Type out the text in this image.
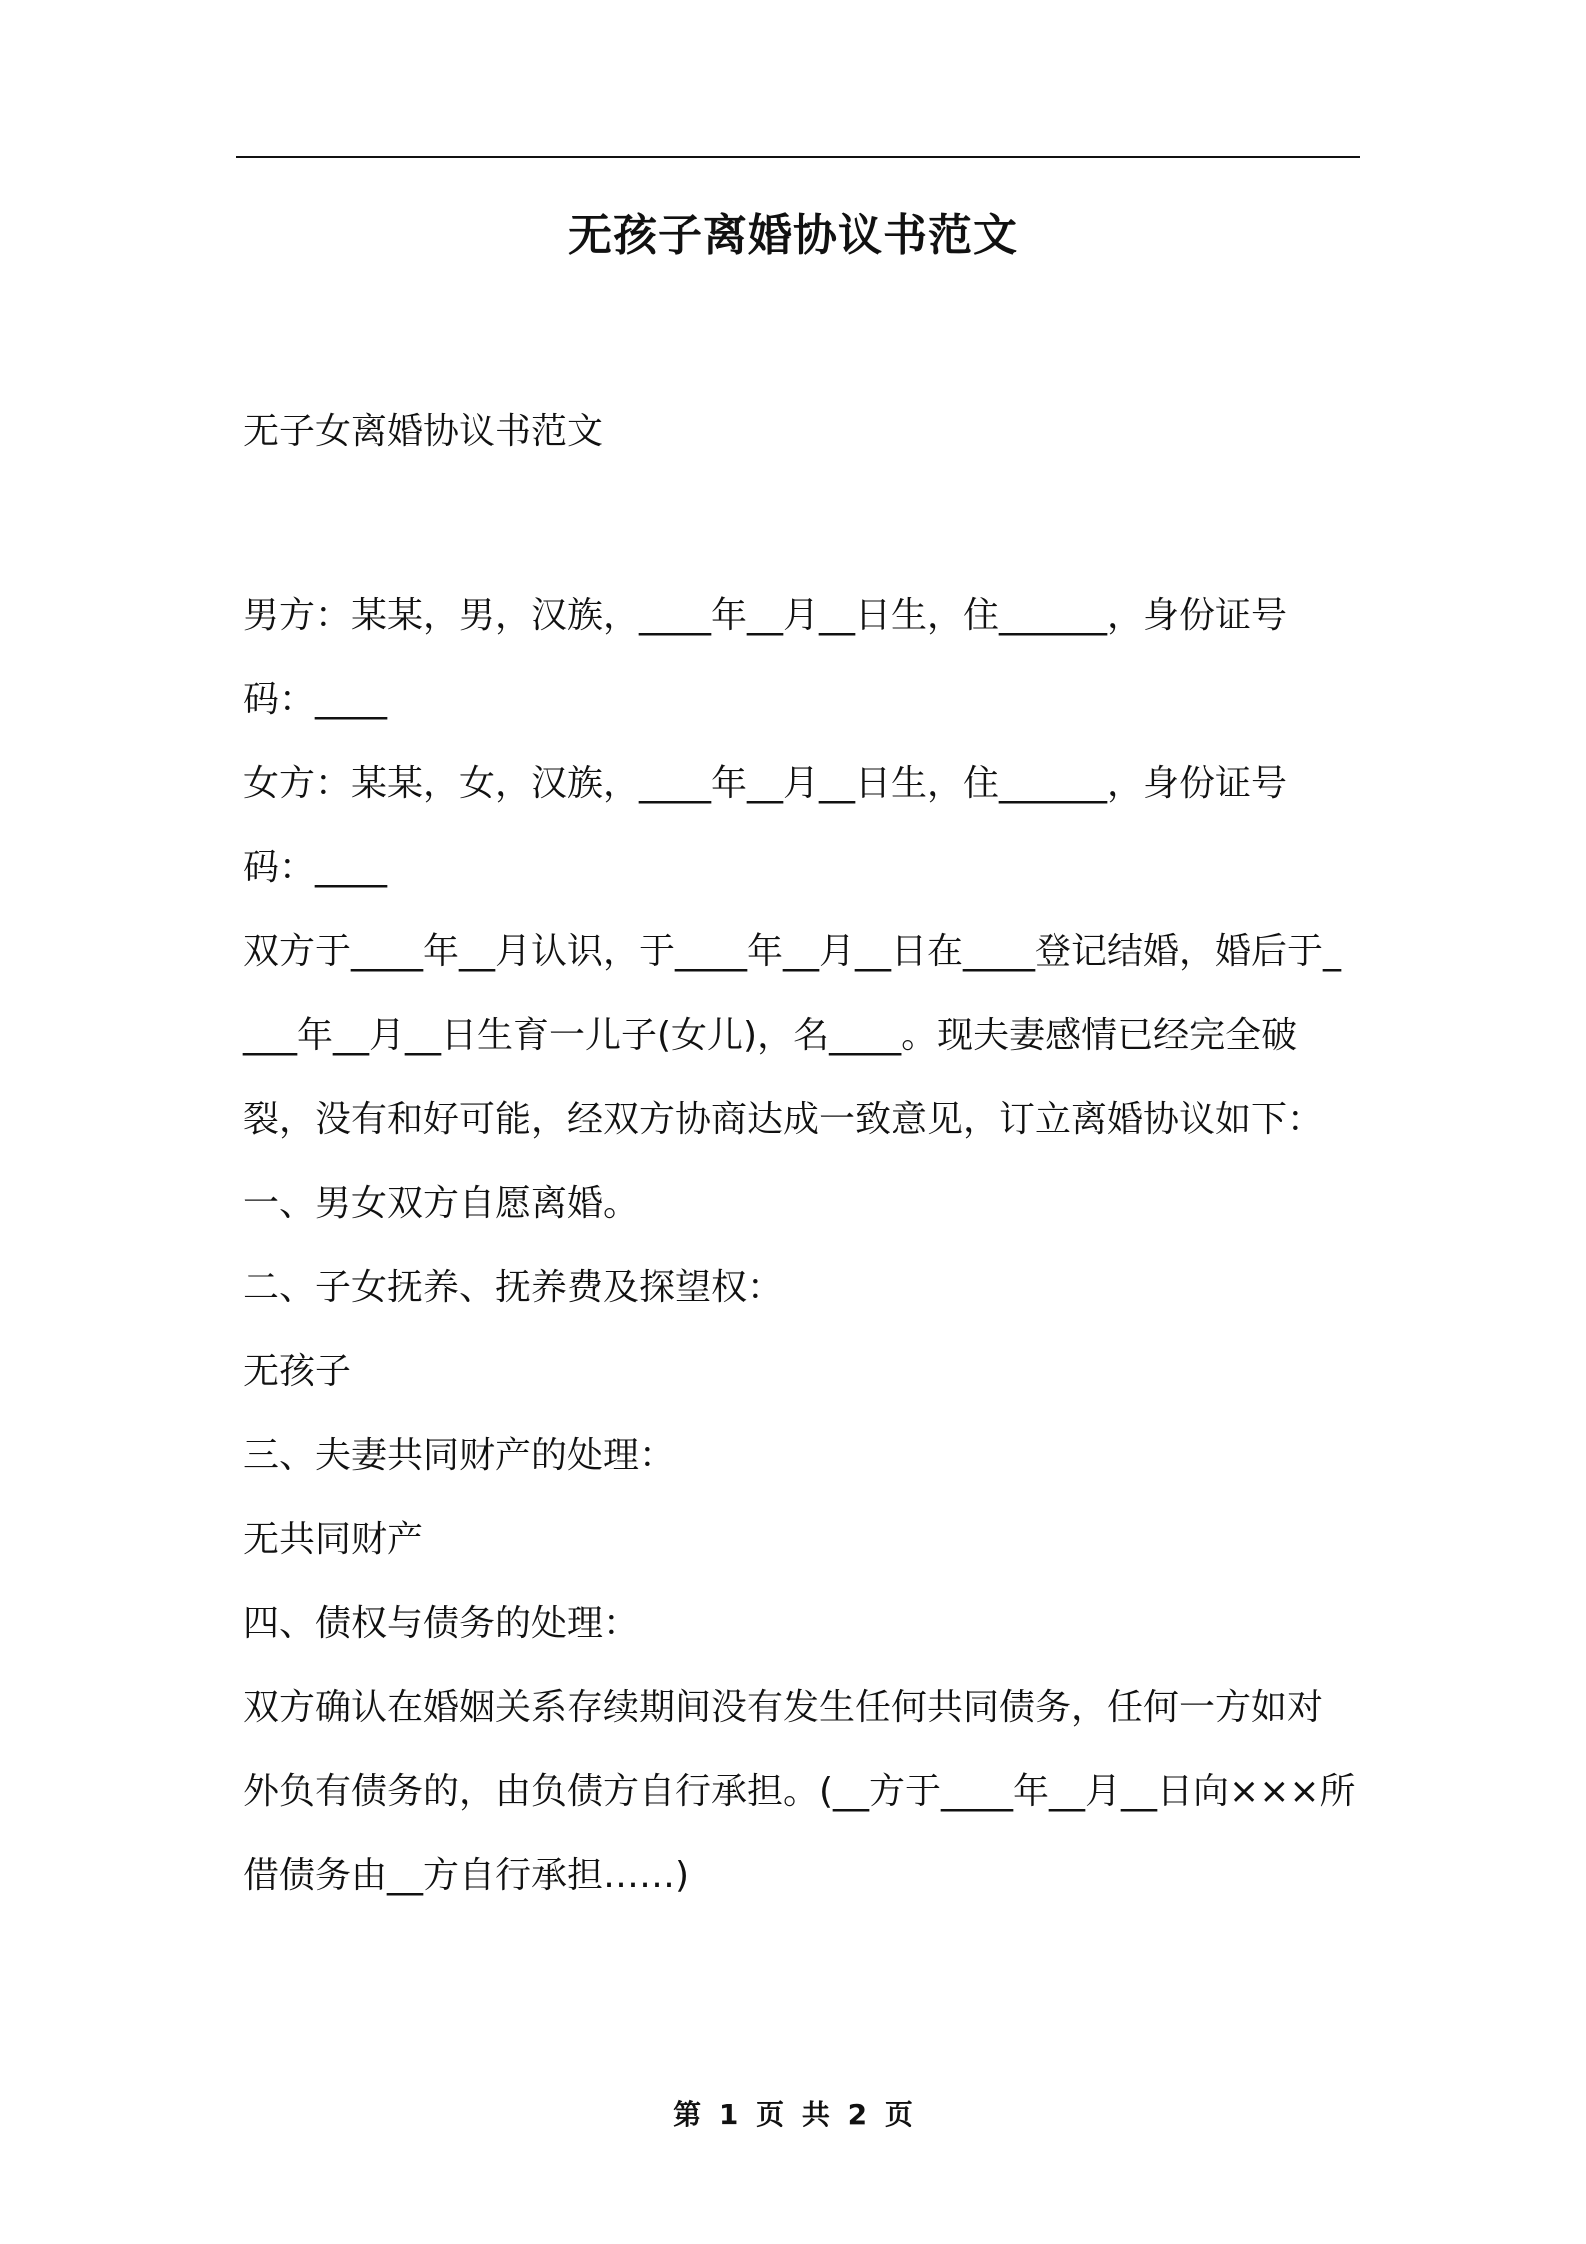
无孩子离婚协议书范文
无子女离婚协议书范文

男方：某某，男，汉族，____年__月__日生，住______，身份证号码：____

女方：某某，女，汉族，____年__月__日生，住______，身份证号码：____

双方于____年__月认识，于____年__月__日在____登记结婚，婚后于____年__月__日生育一儿子(女儿)，名____。现夫妻感情已经完全破裂，没有和好可能，经双方协商达成一致意见，订立离婚协议如下：

一、男女双方自愿离婚。

二、子女抚养、抚养费及探望权：

无孩子

三、夫妻共同财产的处理：

无共同财产

四、债权与债务的处理：

双方确认在婚姻关系存续期间没有发生任何共同债务，任何一方如对外负有债务的，由负债方自行承担。(__方于____年__月__日向×××所借债务由__方自行承担……)

第 1 页 共 2 页
